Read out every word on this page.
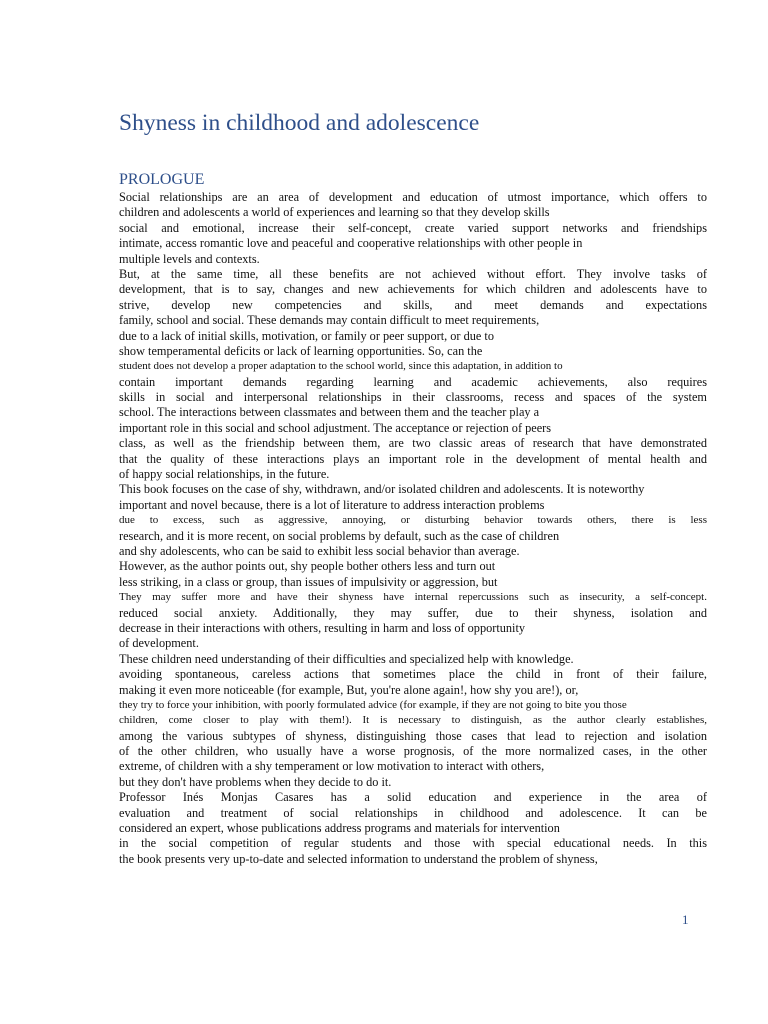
Shyness in childhood and adolescence
PROLOGUE
Social relationships are an area of development and education of utmost importance, which offers to
children and adolescents a world of experiences and learning so that they develop skills
social and emotional, increase their self-concept, create varied support networks and friendships
intimate, access romantic love and peaceful and cooperative relationships with other people in
multiple levels and contexts.
But, at the same time, all these benefits are not achieved without effort. They involve tasks of
development, that is to say, changes and new achievements for which children and adolescents have to
strive, develop new competencies and skills, and meet demands and expectations
family, school and social. These demands may contain difficult to meet requirements,
due to a lack of initial skills, motivation, or family or peer support, or due to
show temperamental deficits or lack of learning opportunities. So, can the
student does not develop a proper adaptation to the school world, since this adaptation, in addition to
contain important demands regarding learning and academic achievements, also requires
skills in social and interpersonal relationships in their classrooms, recess and spaces of the system
school. The interactions between classmates and between them and the teacher play a
important role in this social and school adjustment. The acceptance or rejection of peers
class, as well as the friendship between them, are two classic areas of research that have demonstrated
that the quality of these interactions plays an important role in the development of mental health and
of happy social relationships, in the future.
This book focuses on the case of shy, withdrawn, and/or isolated children and adolescents. It is noteworthy
important and novel because, there is a lot of literature to address interaction problems
due to excess, such as aggressive, annoying, or disturbing behavior towards others, there is less
research, and it is more recent, on social problems by default, such as the case of children
and shy adolescents, who can be said to exhibit less social behavior than average.
However, as the author points out, shy people bother others less and turn out
less striking, in a class or group, than issues of impulsivity or aggression, but
They may suffer more and have their shyness have internal repercussions such as insecurity, a self-concept.
reduced social anxiety. Additionally, they may suffer, due to their shyness, isolation and
decrease in their interactions with others, resulting in harm and loss of opportunity
of development.
These children need understanding of their difficulties and specialized help with knowledge.
avoiding spontaneous, careless actions that sometimes place the child in front of their failure,
making it even more noticeable (for example, But, you're alone again!, how shy you are!), or,
they try to force your inhibition, with poorly formulated advice (for example, if they are not going to bite you those
children, come closer to play with them!). It is necessary to distinguish, as the author clearly establishes,
among the various subtypes of shyness, distinguishing those cases that lead to rejection and isolation
of the other children, who usually have a worse prognosis, of the more normalized cases, in the other
extreme, of children with a shy temperament or low motivation to interact with others,
but they don't have problems when they decide to do it.
Professor Inés Monjas Casares has a solid education and experience in the area of
evaluation and treatment of social relationships in childhood and adolescence. It can be
considered an expert, whose publications address programs and materials for intervention
in the social competition of regular students and those with special educational needs. In this
the book presents very up-to-date and selected information to understand the problem of shyness,
1
